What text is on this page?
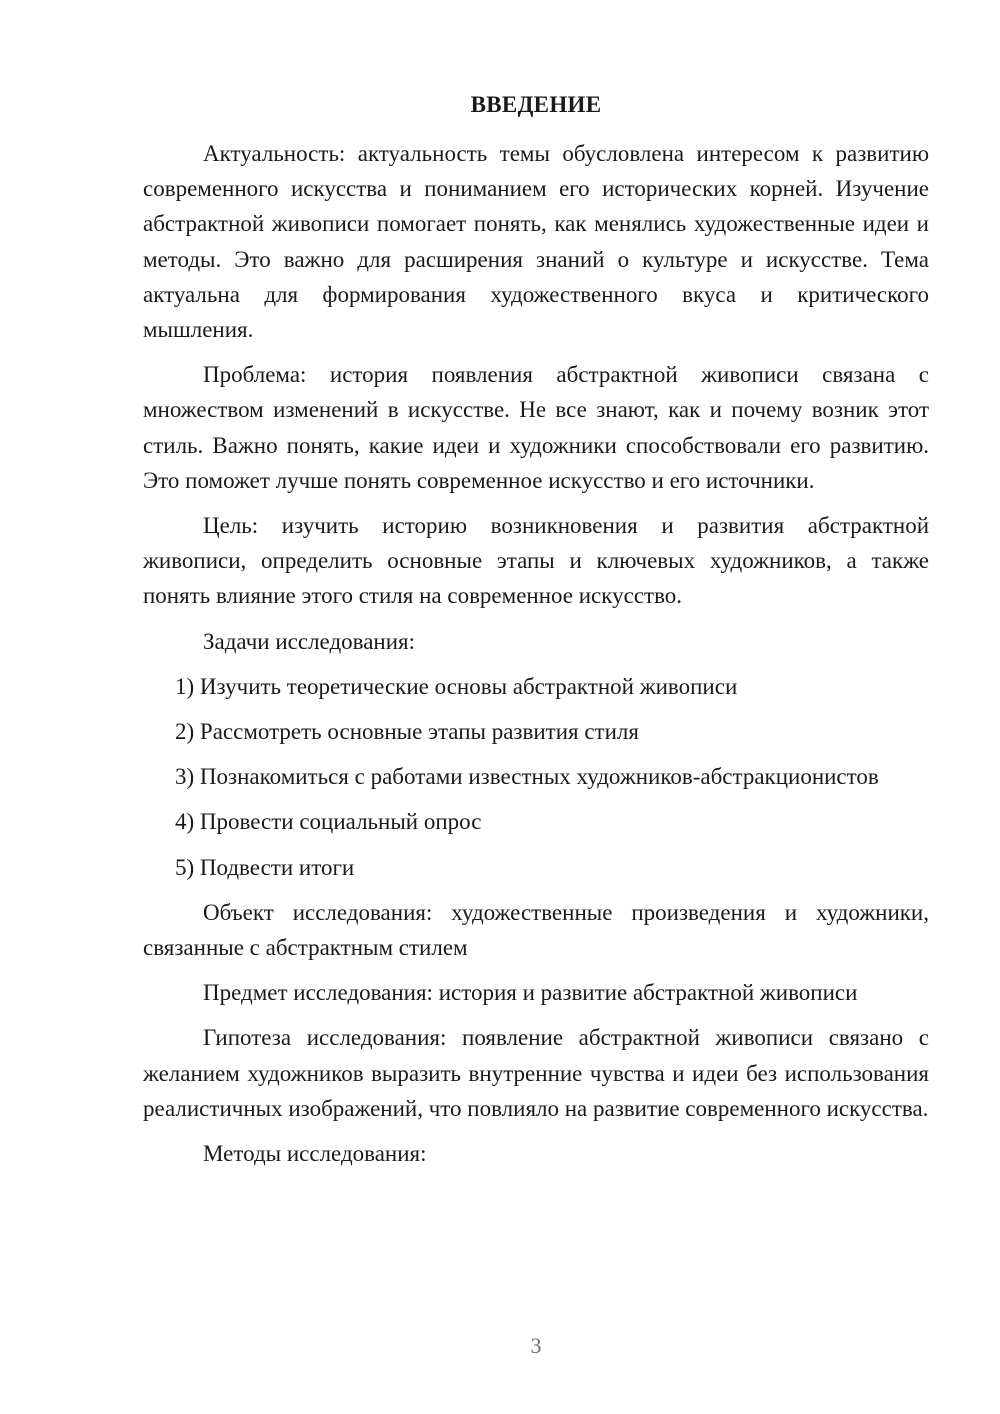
ВВЕДЕНИЕ

Актуальность: актуальность темы обусловлена интересом к развитию современного искусства и пониманием его исторических корней. Изучение абстрактной живописи помогает понять, как менялись художественные идеи и методы. Это важно для расширения знаний о культуре и искусстве. Тема актуальна для формирования художественного вкуса и критического мышления.

Проблема: история появления абстрактной живописи связана с множеством изменений в искусстве. Не все знают, как и почему возник этот стиль. Важно понять, какие идеи и художники способствовали его развитию. Это поможет лучше понять современное искусство и его источники.

Цель: изучить историю возникновения и развития абстрактной живописи, определить основные этапы и ключевых художников, а также понять влияние этого стиля на современное искусство.

Задачи исследования:

1) Изучить теоретические основы абстрактной живописи

2) Рассмотреть основные этапы развития стиля

3) Познакомиться с работами известных художников-абстракционистов

4) Провести социальный опрос

5) Подвести итоги

Объект исследования: художественные произведения и художники, связанные с абстрактным стилем

Предмет исследования: история и развитие абстрактной живописи

Гипотеза исследования: появление абстрактной живописи связано с желанием художников выразить внутренние чувства и идеи без использования реалистичных изображений, что повлияло на развитие современного искусства.

Методы исследования:

3
